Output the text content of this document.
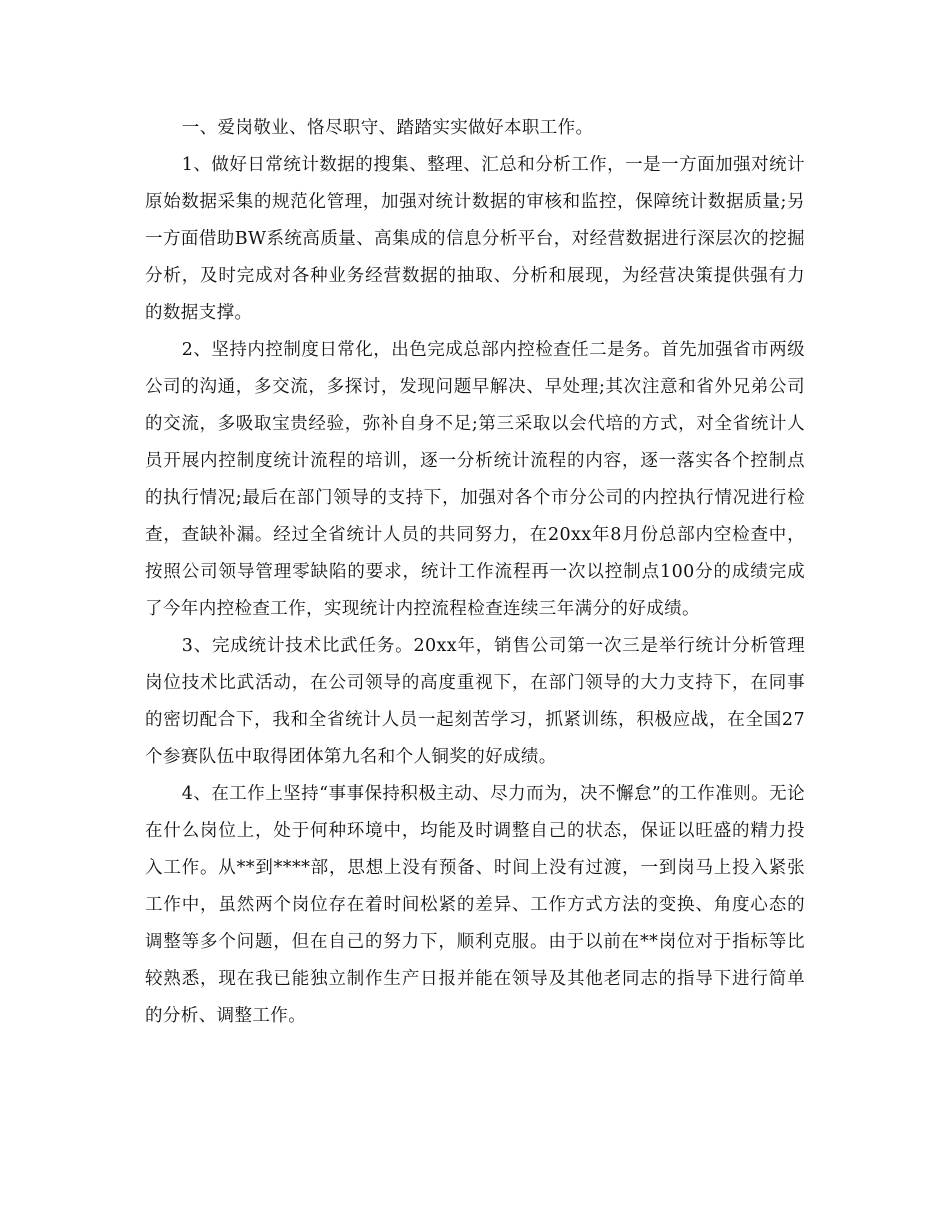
一、爱岗敬业、恪尽职守、踏踏实实做好本职工作。

1、做好日常统计数据的搜集、整理、汇总和分析工作，一是一方面加强对统计原始数据采集的规范化管理，加强对统计数据的审核和监控，保障统计数据质量;另一方面借助BW系统高质量、高集成的信息分析平台，对经营数据进行深层次的挖掘分析，及时完成对各种业务经营数据的抽取、分析和展现，为经营决策提供强有力的数据支撑。

2、坚持内控制度日常化，出色完成总部内控检查任二是务。首先加强省市两级公司的沟通，多交流，多探讨，发现问题早解决、早处理;其次注意和省外兄弟公司的交流，多吸取宝贵经验，弥补自身不足;第三采取以会代培的方式，对全省统计人员开展内控制度统计流程的培训，逐一分析统计流程的内容，逐一落实各个控制点的执行情况;最后在部门领导的支持下，加强对各个市分公司的内控执行情况进行检查，查缺补漏。经过全省统计人员的共同努力，在20xx年8月份总部内空检查中，按照公司领导管理零缺陷的要求，统计工作流程再一次以控制点100分的成绩完成了今年内控检查工作，实现统计内控流程检查连续三年满分的好成绩。

3、完成统计技术比武任务。20xx年，销售公司第一次三是举行统计分析管理岗位技术比武活动，在公司领导的高度重视下，在部门领导的大力支持下，在同事的密切配合下，我和全省统计人员一起刻苦学习，抓紧训练，积极应战，在全国27个参赛队伍中取得团体第九名和个人铜奖的好成绩。

4、在工作上坚持“事事保持积极主动、尽力而为，决不懈怠”的工作准则。无论在什么岗位上，处于何种环境中，均能及时调整自己的状态，保证以旺盛的精力投入工作。从**到****部，思想上没有预备、时间上没有过渡，一到岗马上投入紧张工作中，虽然两个岗位存在着时间松紧的差异、工作方式方法的变换、角度心态的调整等多个问题，但在自己的努力下，顺利克服。由于以前在**岗位对于指标等比较熟悉，现在我已能独立制作生产日报并能在领导及其他老同志的指导下进行简单的分析、调整工作。
